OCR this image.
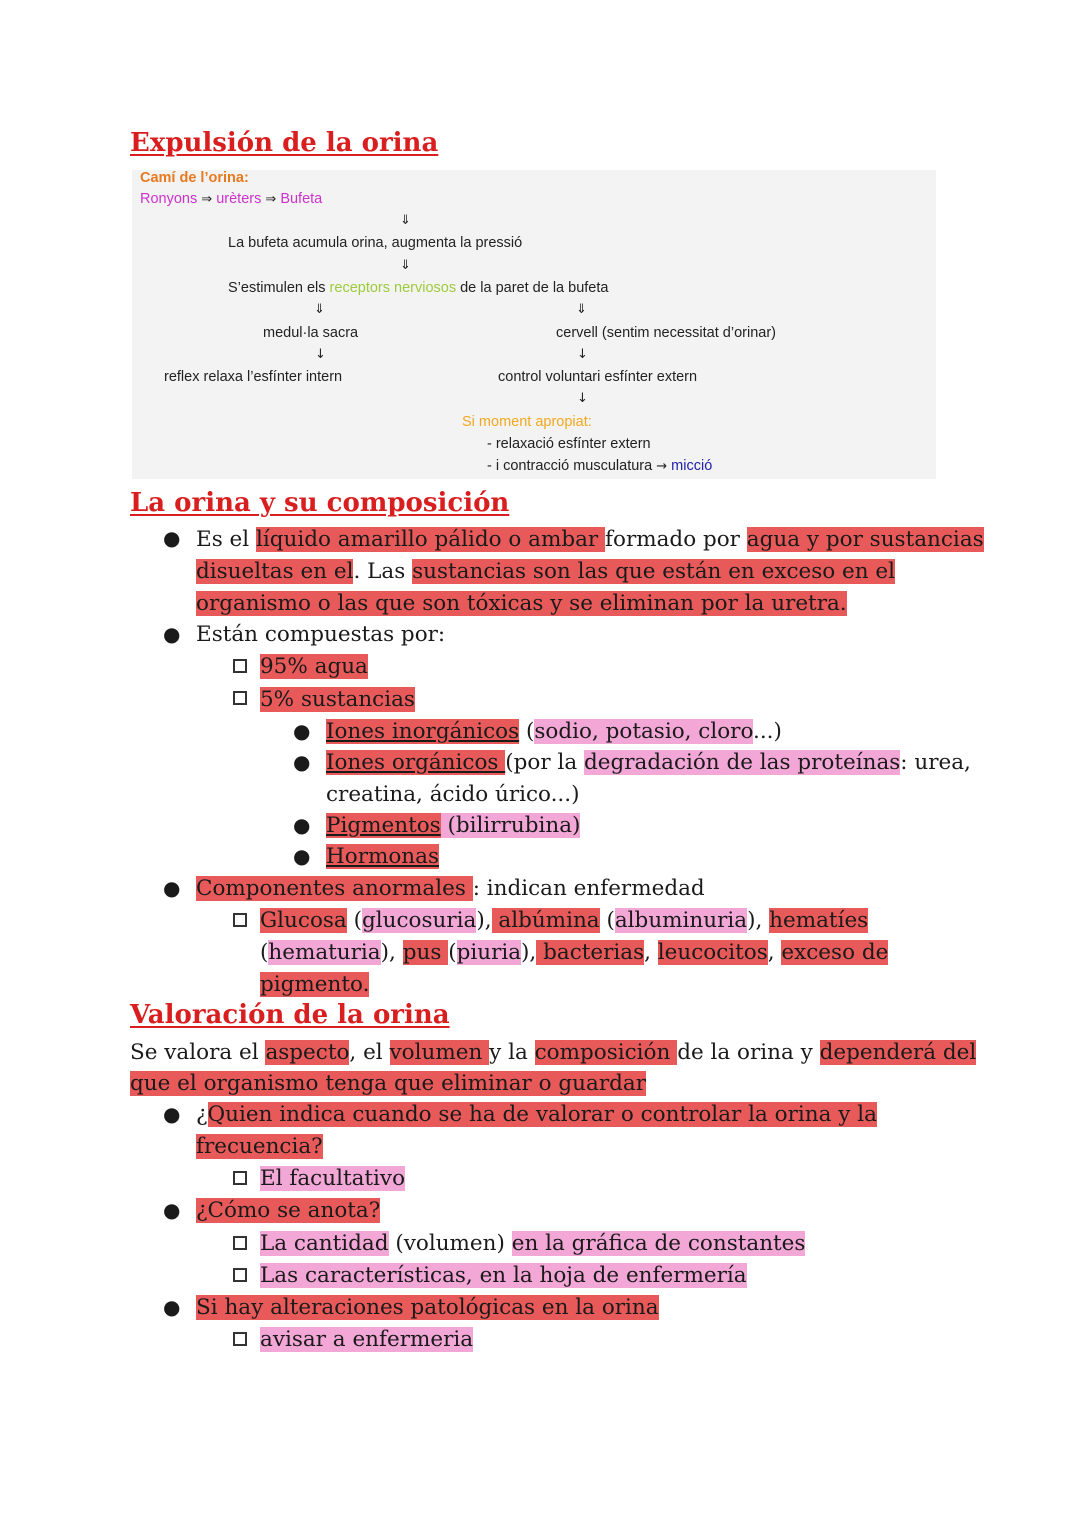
Expulsión de la orina
Camí de l’orina:
Ronyons ⇒ urèters ⇒ Bufeta
⇓
La bufeta acumula orina, augmenta la pressió
⇓
S’estimulen els receptors nerviosos de la paret de la bufeta
⇓	⇓
medul·la sacra	cervell (sentim necessitat d’orinar)
↓	↓
reflex relaxa l’esfínter intern	control voluntari esfínter extern
↓
Si moment apropiat:
- relaxació esfínter extern
- i contracció musculatura → micció
La orina y su composición
● Es el líquido amarillo pálido o ambar formado por agua y por sustancias
disueltas en el. Las sustancias son las que están en exceso en el
organismo o las que son tóxicas y se eliminan por la uretra.
● Están compuestas por:
95% agua
5% sustancias
● Iones inorgánicos (sodio, potasio, cloro...)
● Iones orgánicos (por la degradación de las proteínas: urea,
creatina, ácido úrico...)
● Pigmentos (bilirrubina)
● Hormonas
● Componentes anormales : indican enfermedad
Glucosa (glucosuria), albúmina (albuminuria), hematíes
(hematuria), pus (piuria), bacterias, leucocitos, exceso de
pigmento.
Valoración de la orina
Se valora el aspecto, el volumen y la composición de la orina y dependerá del
que el organismo tenga que eliminar o guardar
● ¿Quien indica cuando se ha de valorar o controlar la orina y la
frecuencia?
El facultativo
● ¿Cómo se anota?
La cantidad (volumen) en la gráfica de constantes
Las características, en la hoja de enfermería
● Si hay alteraciones patológicas en la orina
avisar a enfermeria
